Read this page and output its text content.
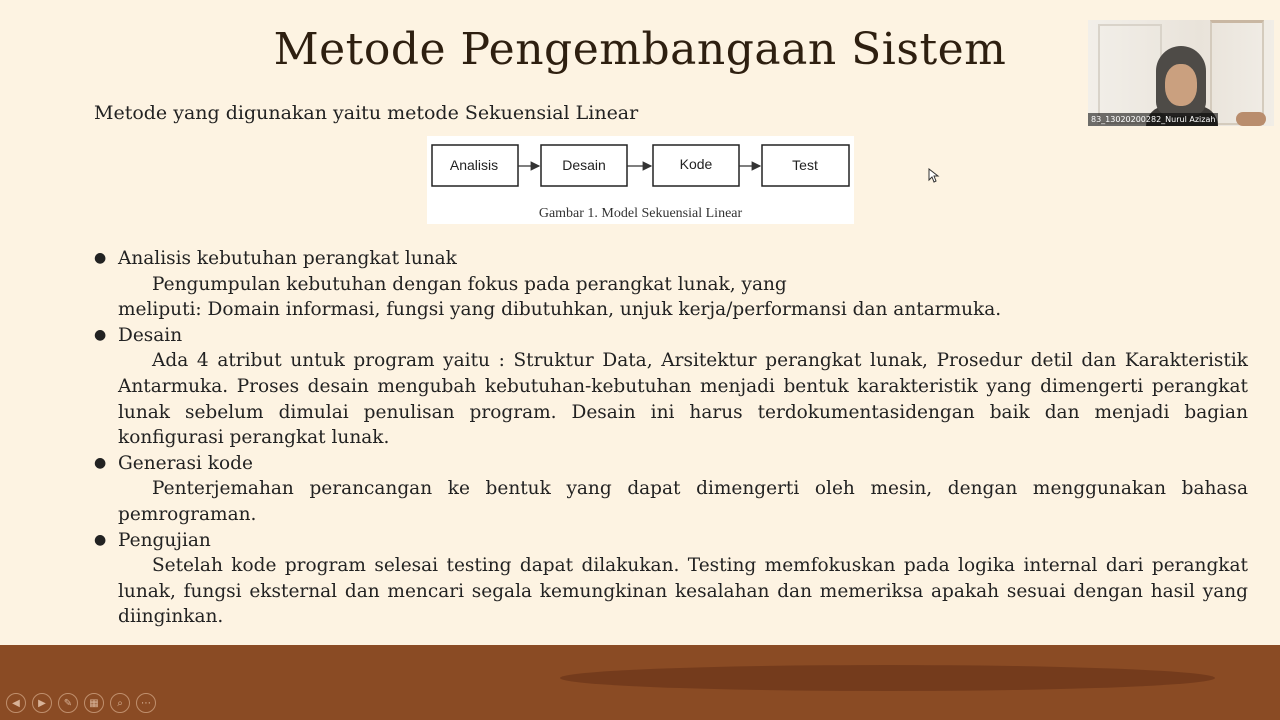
Metode Pengembangaan Sistem
Metode yang digunakan yaitu metode Sekuensial Linear
Analisis	Desain	Kode	Test
Gambar 1. Model Sekuensial Linear
● Analisis kebutuhan perangkat lunak
Pengumpulan kebutuhan dengan fokus pada perangkat lunak, yang
meliputi: Domain informasi, fungsi yang dibutuhkan, unjuk kerja/performansi dan antarmuka.
● Desain
Ada 4 atribut untuk program yaitu : Struktur Data, Arsitektur perangkat lunak, Prosedur detil dan Karakteristik Antarmuka. Proses desain mengubah kebutuhan-kebutuhan menjadi bentuk karakteristik yang dimengerti perangkat lunak sebelum dimulai penulisan program. Desain ini harus terdokumentasidengan baik dan menjadi bagian konfigurasi perangkat lunak.
● Generasi kode
Penterjemahan perancangan ke bentuk yang dapat dimengerti oleh mesin, dengan menggunakan bahasa pemrograman.
● Pengujian
Setelah kode program selesai testing dapat dilakukan. Testing memfokuskan pada logika internal dari perangkat lunak, fungsi eksternal dan mencari segala kemungkinan kesalahan dan memeriksa apakah sesuai dengan hasil yang diinginkan.
◀	▶	✎	▦	⌕	⋯
83_13020200282_Nurul Azizah
